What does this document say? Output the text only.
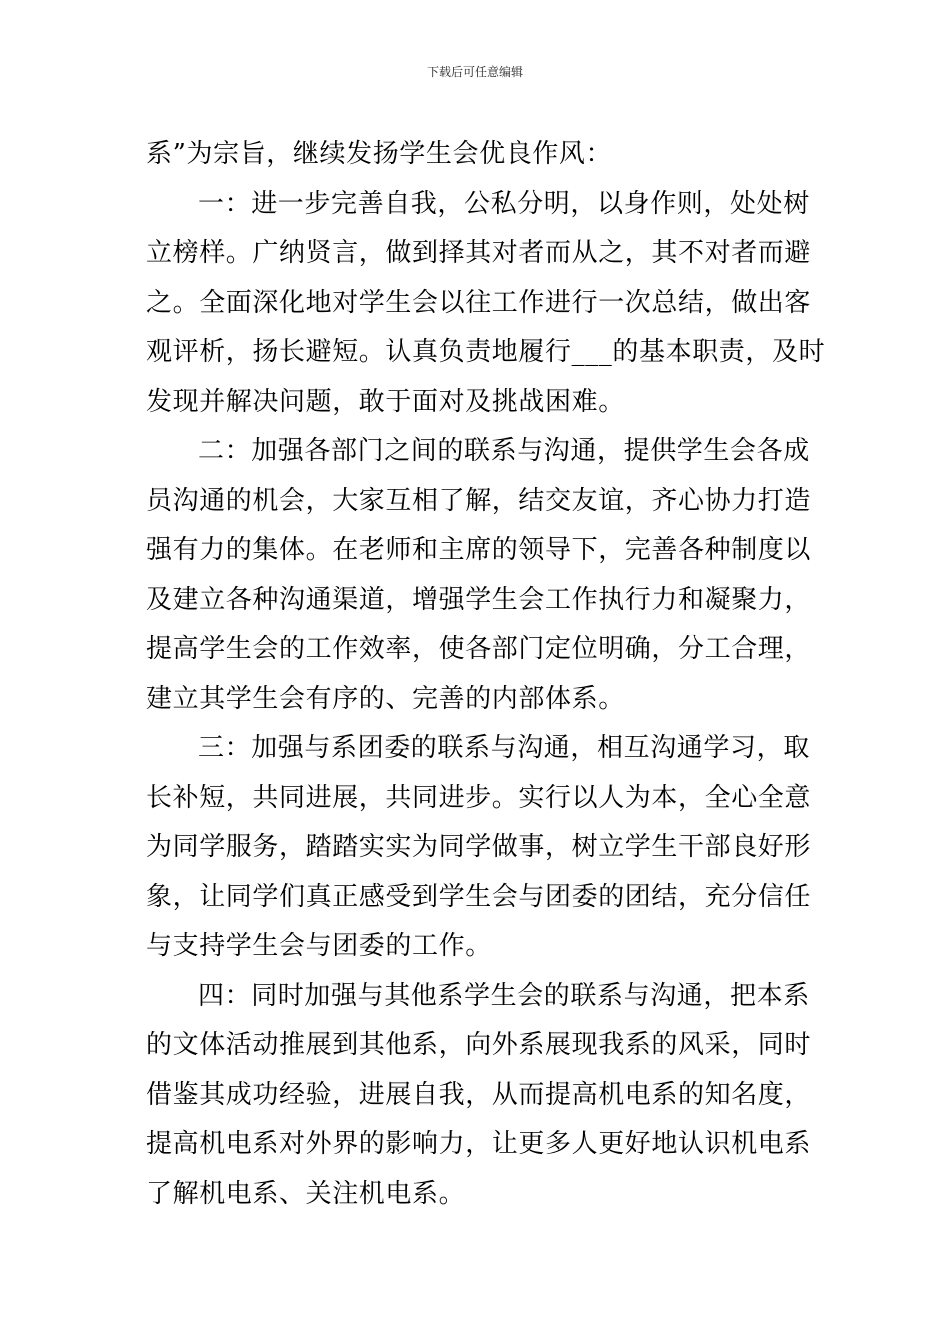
下载后可任意编辑
系”为宗旨，继续发扬学生会优良作风：
一：进一步完善自我，公私分明，以身作则，处处树
立榜样。广纳贤言，做到择其对者而从之，其不对者而避
之。全面深化地对学生会以往工作进行一次总结，做出客
观评析，扬长避短。认真负责地履行___的基本职责，及时
发现并解决问题，敢于面对及挑战困难。
二：加强各部门之间的联系与沟通，提供学生会各成
员沟通的机会，大家互相了解，结交友谊，齐心协力打造
强有力的集体。在老师和主席的领导下，完善各种制度以
及建立各种沟通渠道，增强学生会工作执行力和凝聚力，
提高学生会的工作效率，使各部门定位明确，分工合理，
建立其学生会有序的、完善的内部体系。
三：加强与系团委的联系与沟通，相互沟通学习，取
长补短，共同进展，共同进步。实行以人为本，全心全意
为同学服务，踏踏实实为同学做事，树立学生干部良好形
象，让同学们真正感受到学生会与团委的团结，充分信任
与支持学生会与团委的工作。
四：同时加强与其他系学生会的联系与沟通，把本系
的文体活动推展到其他系，向外系展现我系的风采，同时
借鉴其成功经验，进展自我，从而提高机电系的知名度，
提高机电系对外界的影响力，让更多人更好地认识机电系
了解机电系、关注机电系。
